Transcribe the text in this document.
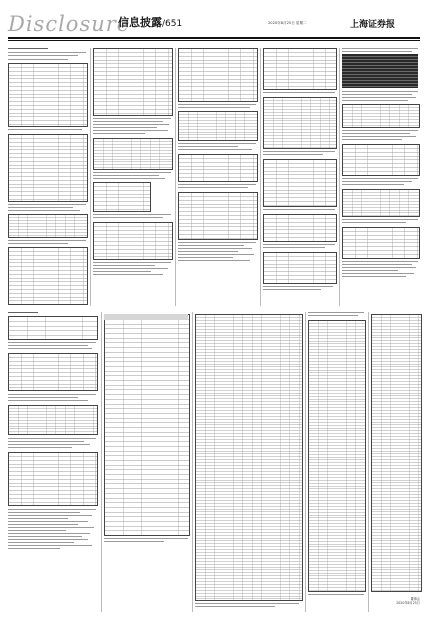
Disclosure
信息披露/651	2020年8月25日 星期二	上海证券报
董事会
2020年8月25日
